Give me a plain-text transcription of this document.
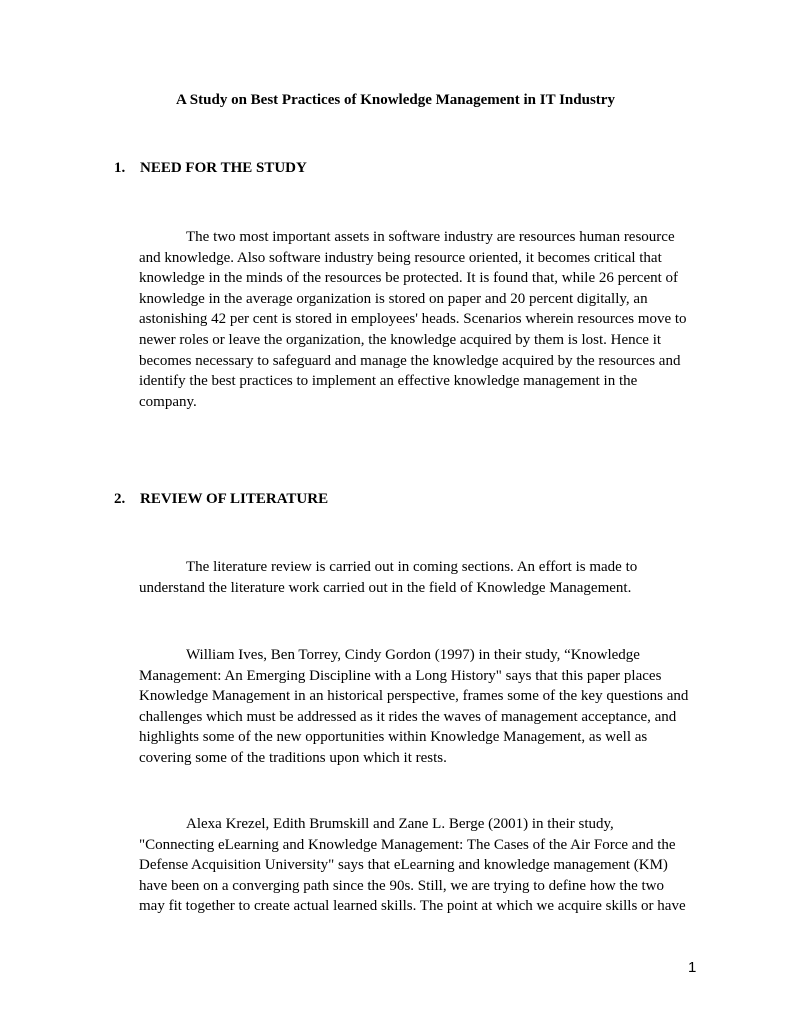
A Study on Best Practices of Knowledge Management in IT Industry
1. NEED FOR THE STUDY
The two most important assets in software industry are resources human resource
and knowledge. Also software industry being resource oriented, it becomes critical that
knowledge in the minds of the resources be protected. It is found that, while 26 percent of
knowledge in the average organization is stored on paper and 20 percent digitally, an
astonishing 42 per cent is stored in employees' heads. Scenarios wherein resources move to
newer roles or leave the organization, the knowledge acquired by them is lost. Hence it
becomes necessary to safeguard and manage the knowledge acquired by the resources and
identify the best practices to implement an effective knowledge management in the
company.
2. REVIEW OF LITERATURE
The literature review is carried out in coming sections. An effort is made to
understand the literature work carried out in the field of Knowledge Management.
William Ives, Ben Torrey, Cindy Gordon (1997) in their study, “Knowledge
Management: An Emerging Discipline with a Long History" says that this paper places
Knowledge Management in an historical perspective, frames some of the key questions and
challenges which must be addressed as it rides the waves of management acceptance, and
highlights some of the new opportunities within Knowledge Management, as well as
covering some of the traditions upon which it rests.
Alexa Krezel, Edith Brumskill and Zane L. Berge (2001) in their study,
"Connecting eLearning and Knowledge Management: The Cases of the Air Force and the
Defense Acquisition University" says that eLearning and knowledge management (KM)
have been on a converging path since the 90s. Still, we are trying to define how the two
may fit together to create actual learned skills. The point at which we acquire skills or have
1
